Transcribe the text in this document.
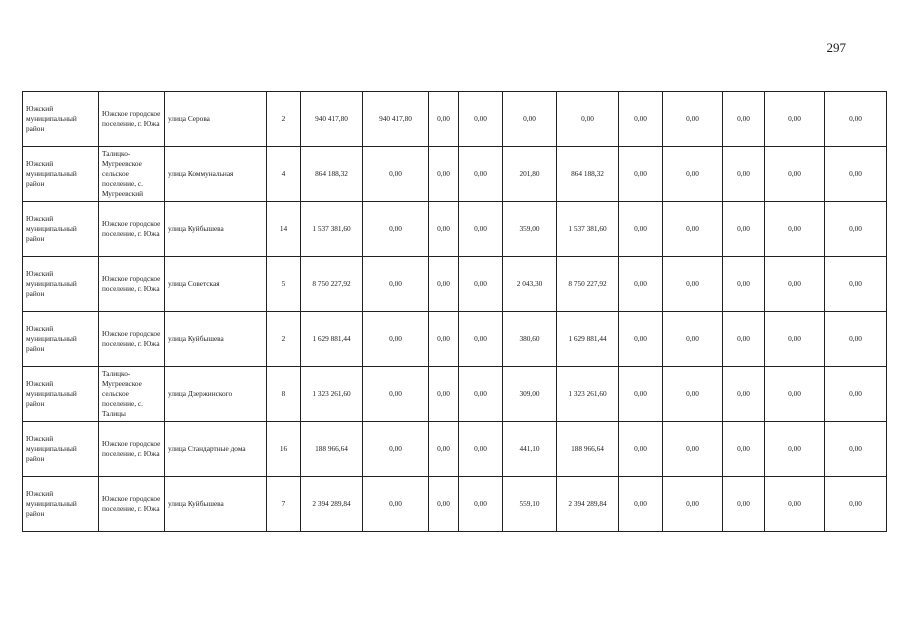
297
Южский муниципальный район	Южское городское поселение, г. Южа	улица Серова	2	940 417,80	940 417,80	0,00	0,00	0,00	0,00	0,00	0,00	0,00	0,00	0,00
Южский муниципальный район	Талицко-Мугреевское сельское поселение, с. Мугреевский	улица Коммунальная	4	864 188,32	0,00	0,00	0,00	201,80	864 188,32	0,00	0,00	0,00	0,00	0,00
Южский муниципальный район	Южское городское поселение, г. Южа	улица Куйбышева	14	1 537 381,60	0,00	0,00	0,00	359,00	1 537 381,60	0,00	0,00	0,00	0,00	0,00
Южский муниципальный район	Южское городское поселение, г. Южа	улица Советская	5	8 750 227,92	0,00	0,00	0,00	2 043,30	8 750 227,92	0,00	0,00	0,00	0,00	0,00
Южский муниципальный район	Южское городское поселение, г. Южа	улица Куйбышева	2	1 629 881,44	0,00	0,00	0,00	380,60	1 629 881,44	0,00	0,00	0,00	0,00	0,00
Южский муниципальный район	Талицко-Мугреевское сельское поселение, с. Талицы	улица Дзержинского	8	1 323 261,60	0,00	0,00	0,00	309,00	1 323 261,60	0,00	0,00	0,00	0,00	0,00
Южский муниципальный район	Южское городское поселение, г. Южа	улица Стандартные дома	16	188 966,64	0,00	0,00	0,00	441,10	188 966,64	0,00	0,00	0,00	0,00	0,00
Южский муниципальный район	Южское городское поселение, г. Южа	улица Куйбышева	7	2 394 289,84	0,00	0,00	0,00	559,10	2 394 289,84	0,00	0,00	0,00	0,00	0,00
